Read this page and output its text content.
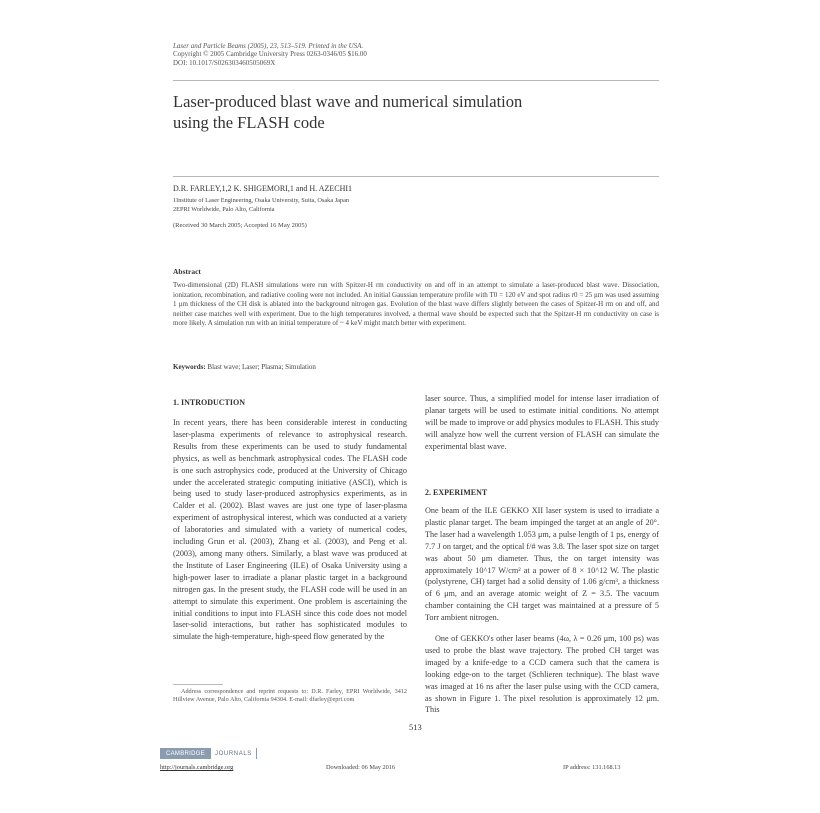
Laser and Particle Beams (2005), 23, 513–519. Printed in the USA.
Copyright © 2005 Cambridge University Press 0263-0346/05 $16.00
DOI: 10.1017/S026303460505069X
Laser-produced blast wave and numerical simulation
using the FLASH code
D.R. FARLEY,1,2 K. SHIGEMORI,1 and H. AZECHI1
1Institute of Laser Engineering, Osaka University, Suita, Osaka Japan
2EPRI Worldwide, Palo Alto, California
(Received 30 March 2005; Accepted 16 May 2005)
Abstract
Two-dimensional (2D) FLASH simulations were run with Spitzer-H rm conductivity on and off in an attempt to simulate a laser-produced blast wave. Dissociation, ionization, recombination, and radiative cooling were not included. An initial Gaussian temperature profile with T0 = 120 eV and spot radius r0 = 25 μm was used assuming 1 μm thickness of the CH disk is ablated into the background nitrogen gas. Evolution of the blast wave differs slightly between the cases of Spitzer-H rm on and off, and neither case matches well with experiment. Due to the high temperatures involved, a thermal wave should be expected such that the Spitzer-H rm conductivity on case is more likely. A simulation run with an initial temperature of ~ 4 keV might match better with experiment.
Keywords: Blast wave; Laser; Plasma; Simulation
1. INTRODUCTION
In recent years, there has been considerable interest in conducting laser-plasma experiments of relevance to astrophysical research. Results from these experiments can be used to study fundamental physics, as well as benchmark astrophysical codes. The FLASH code is one such astrophysics code, produced at the University of Chicago under the accelerated strategic computing initiative (ASCI), which is being used to study laser-produced astrophysics experiments, as in Calder et al. (2002). Blast waves are just one type of laser-plasma experiment of astrophysical interest, which was conducted at a variety of laboratories and simulated with a variety of numerical codes, including Grun et al. (2003), Zhang et al. (2003), and Peng et al. (2003), among many others. Similarly, a blast wave was produced at the Institute of Laser Engineering (ILE) of Osaka University using a high-power laser to irradiate a planar plastic target in a background nitrogen gas. In the present study, the FLASH code will be used in an attempt to simulate this experiment. One problem is ascertaining the initial conditions to input into FLASH since this code does not model laser-solid interactions, but rather has sophisticated modules to simulate the high-temperature, high-speed flow generated by the
laser source. Thus, a simplified model for intense laser irradiation of planar targets will be used to estimate initial conditions. No attempt will be made to improve or add physics modules to FLASH. This study will analyze how well the current version of FLASH can simulate the experimental blast wave.
2. EXPERIMENT
One beam of the ILE GEKKO XII laser system is used to irradiate a plastic planar target. The beam impinged the target at an angle of 20°. The laser had a wavelength 1.053 μm, a pulse length of 1 ps, energy of 7.7 J on target, and the optical f/# was 3.8. The laser spot size on target was about 50 μm diameter. Thus, the on target intensity was approximately 10^17 W/cm² at a power of 8 × 10^12 W. The plastic (polystyrene, CH) target had a solid density of 1.06 g/cm³, a thickness of 6 μm, and an average atomic weight of Z = 3.5. The vacuum chamber containing the CH target was maintained at a pressure of 5 Torr ambient nitrogen.
One of GEKKO's other laser beams (4ω, λ = 0.26 μm, 100 ps) was used to probe the blast wave trajectory. The probed CH target was imaged by a knife-edge to a CCD camera such that the camera is looking edge-on to the target (Schlieren technique). The blast wave was imaged at 16 ns after the laser pulse using with the CCD camera, as shown in Figure 1. The pixel resolution is approximately 12 μm. This
Address correspondence and reprint requests to: D.R. Farley, EPRI Worldwide, 3412 Hillview Avenue, Palo Alto, California 94304. E-mail: dfarley@epri.com
513
CAMBRIDGE	JOURNALS
http://journals.cambridge.org	Downloaded: 06 May 2016	IP address: 131.168.13
